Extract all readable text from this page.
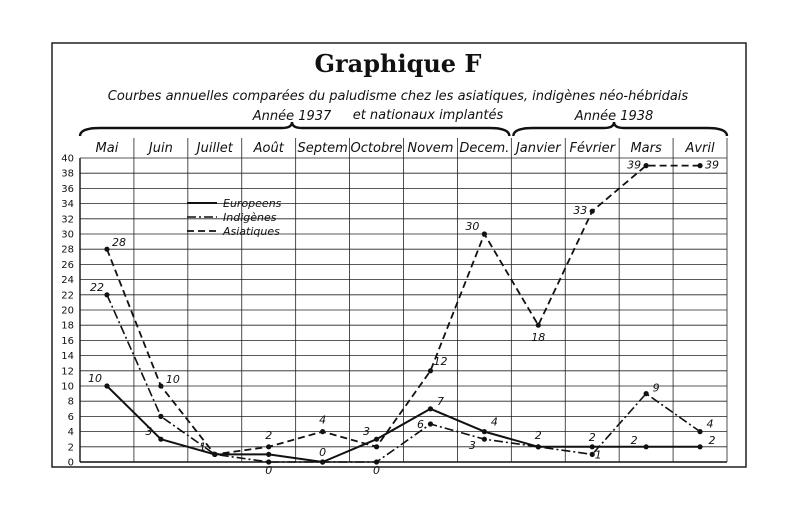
Mai Juin Juillet Août Septem Octobre Novem Decem. Janvier Février Mars Avril
0
2
4
6
8
10
12
14
16
18
20
22
24
26
28
30
32
34
36
38
40
10
3
1	0
3
7
4
2	2	2	2
22
0	0
6
3
1
9
4
28
10
2
4
12
30
18
33
39	39
Europeens
Indigènes
Asiatiques
Graphique F
Courbes annuelles comparées du paludisme chez les asiatiques, indigènes néo-hébridais
et nationaux implantés
Année 1937	Année 1938
